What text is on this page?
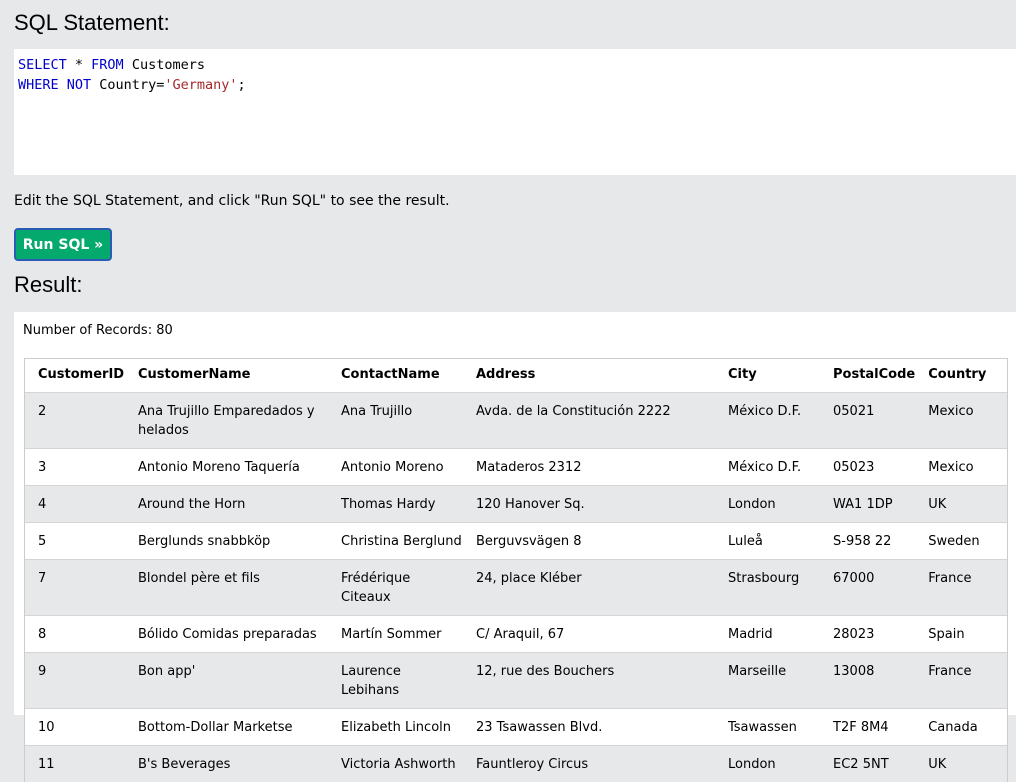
SQL Statement:
SELECT * FROM Customers
WHERE NOT Country='Germany';
Edit the SQL Statement, and click "Run SQL" to see the result.
Run SQL »
Result:
Number of Records: 80
CustomerID	CustomerName	ContactName	Address	City	PostalCode	Country
2	Ana Trujillo Emparedados y helados	Ana Trujillo	Avda. de la Constitución 2222	México D.F.	05021	Mexico
3	Antonio Moreno Taquería	Antonio Moreno	Mataderos 2312	México D.F.	05023	Mexico
4	Around the Horn	Thomas Hardy	120 Hanover Sq.	London	WA1 1DP	UK
5	Berglunds snabbköp	Christina Berglund	Berguvsvägen 8	Luleå	S-958 22	Sweden
7	Blondel père et fils	Frédérique Citeaux	24, place Kléber	Strasbourg	67000	France
8	Bólido Comidas preparadas	Martín Sommer	C/ Araquil, 67	Madrid	28023	Spain
9	Bon app'	Laurence Lebihans	12, rue des Bouchers	Marseille	13008	France
10	Bottom-Dollar Marketse	Elizabeth Lincoln	23 Tsawassen Blvd.	Tsawassen	T2F 8M4	Canada
11	B's Beverages	Victoria Ashworth	Fauntleroy Circus	London	EC2 5NT	UK
